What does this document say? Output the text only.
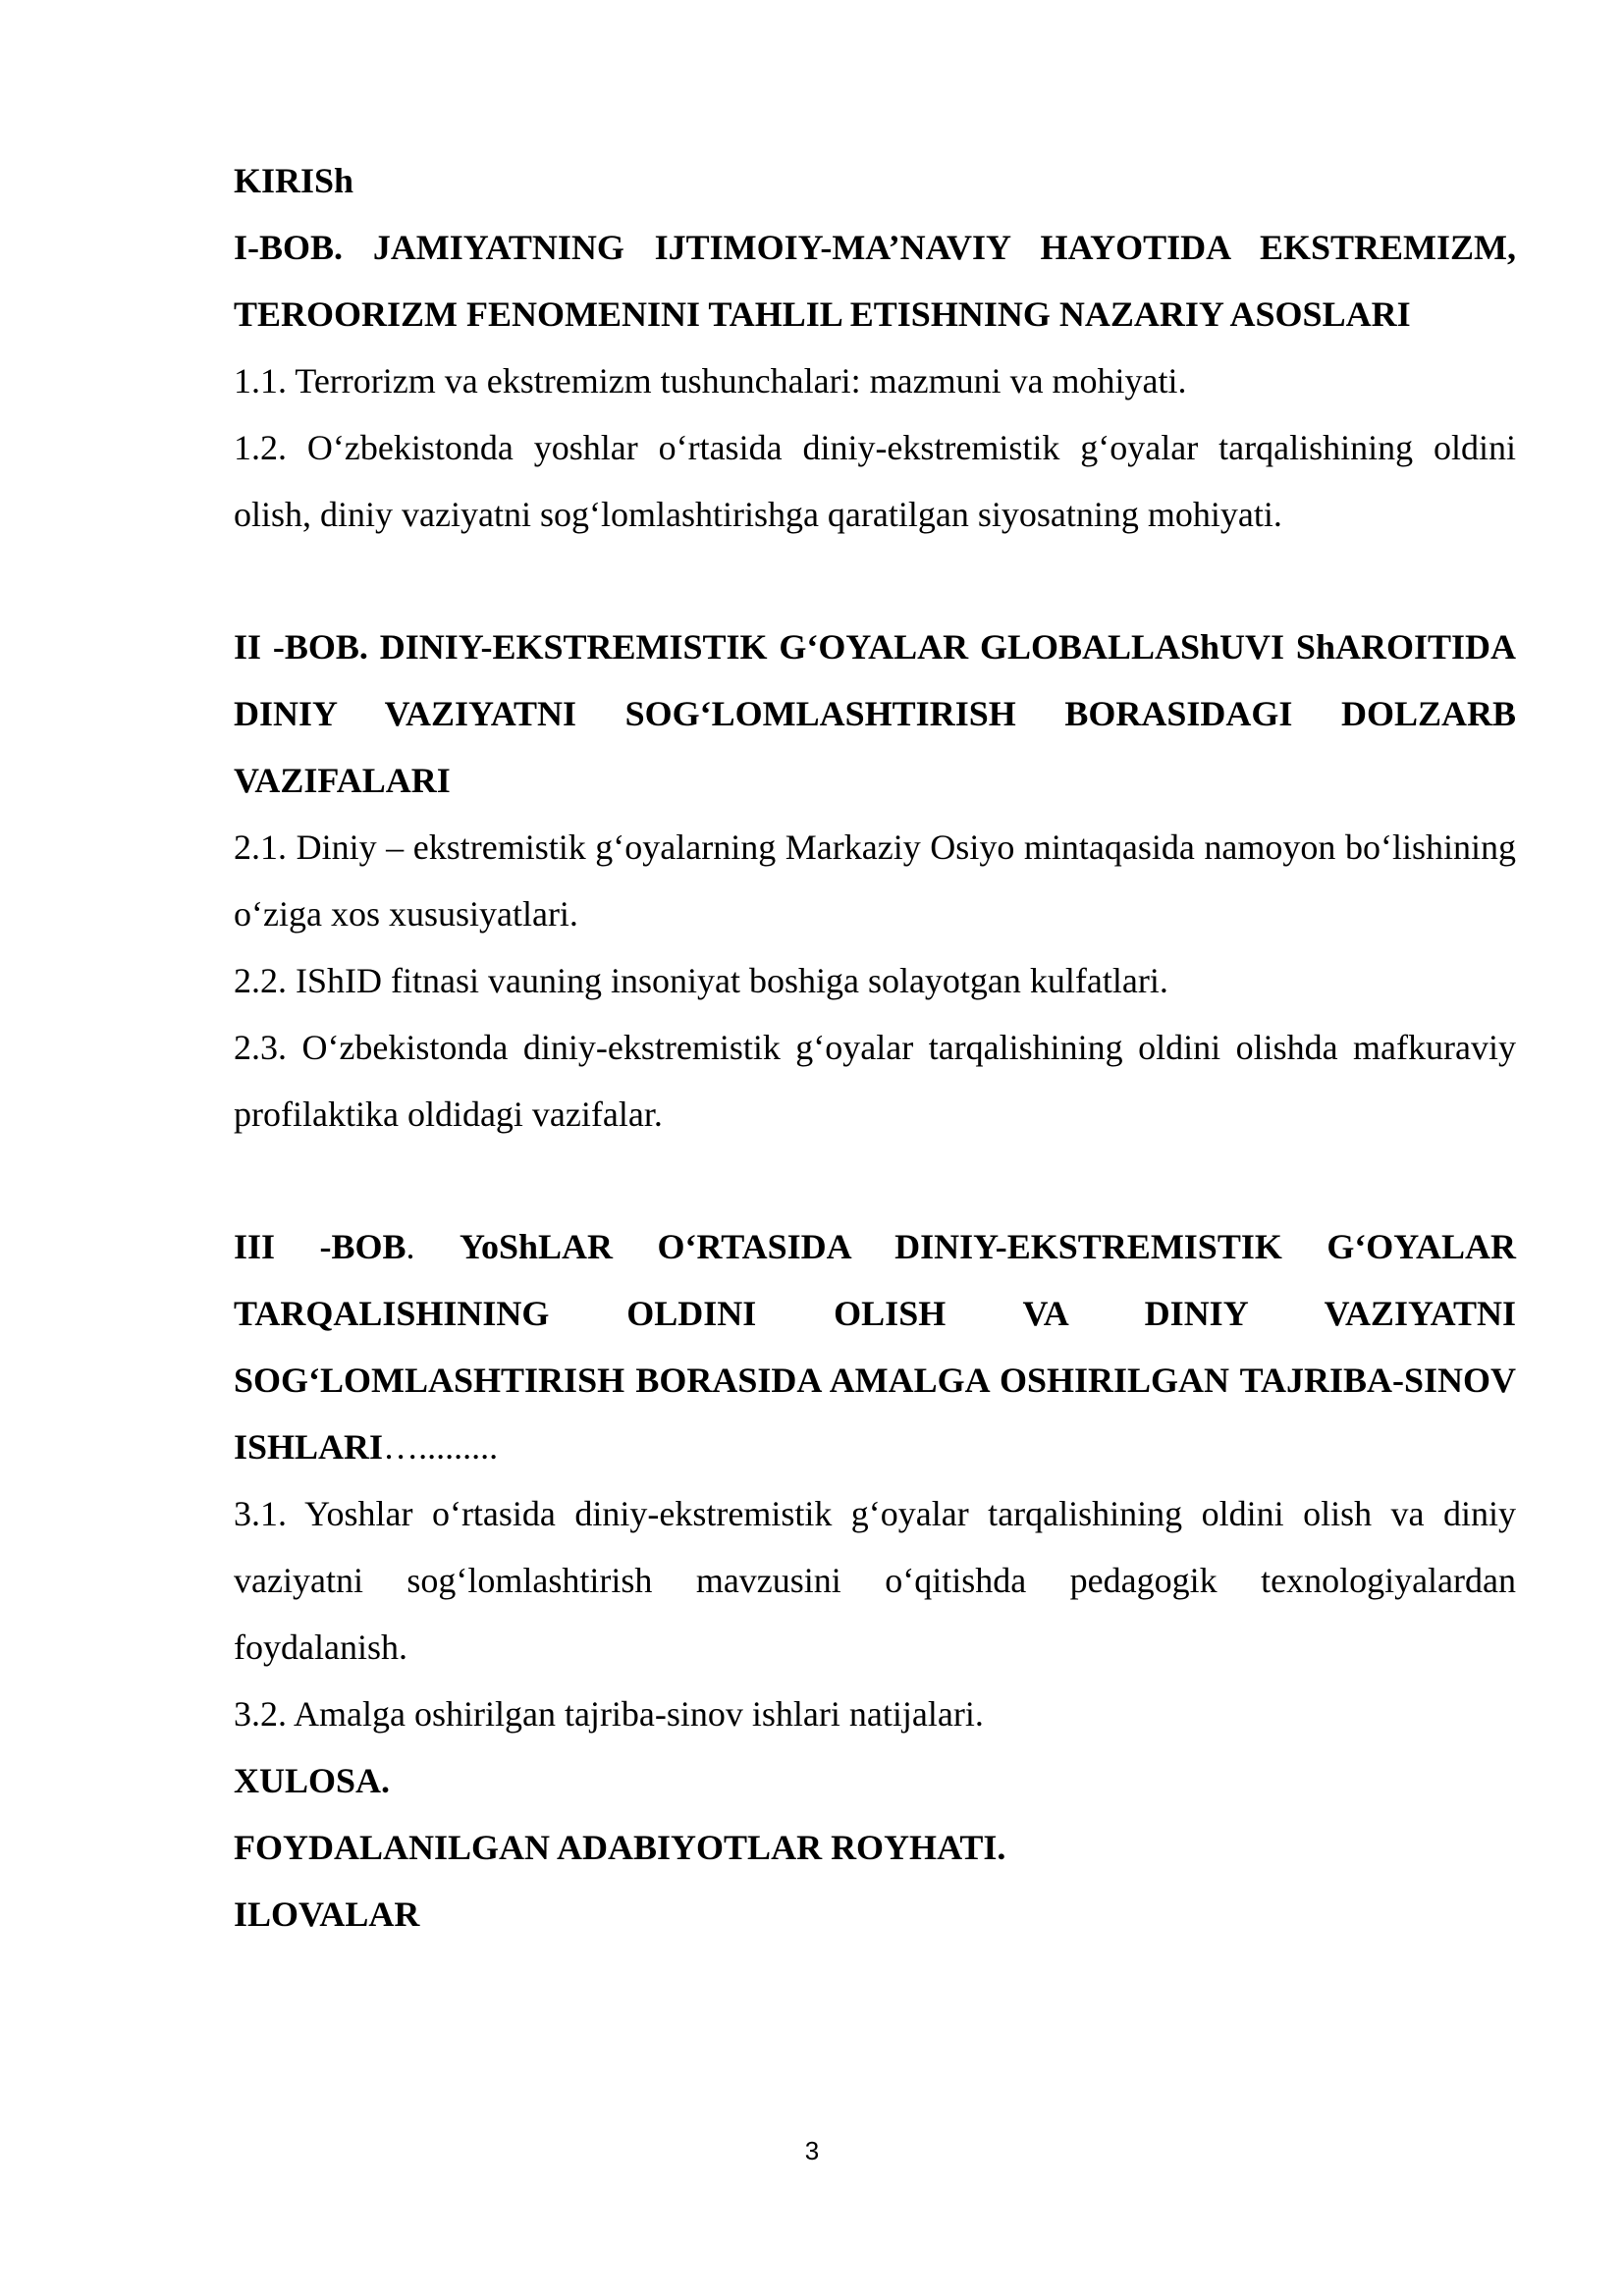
KIRISh
I-BOB. JAMIYATNING IJTIMOIY-MA’NAVIY HAYOTIDA EKSTREMIZM, TEROORIZM FENOMENINI TAHLIL ETISHNING NAZARIY ASOSLARI
1.1. Terrorizm va ekstremizm tushunchalari: mazmuni va mohiyati.
1.2. O‘zbekistonda yoshlar o‘rtasida diniy-ekstremistik g‘oyalar tarqalishining oldini olish, diniy vaziyatni sog‘lomlashtirishga qaratilgan siyosatning mohiyati.
II -BOB. DINIY-EKSTREMISTIK G‘OYALAR GLOBALLAShUVI ShAROITIDA DINIY VAZIYATNI SOG‘LOMLASHTIRISH BORASIDAGI DOLZARB VAZIFALARI
2.1. Diniy – ekstremistik g‘oyalarning Markaziy Osiyo mintaqasida namoyon bo‘lishining o‘ziga xos xususiyatlari.
2.2. IShID fitnasi vauning insoniyat boshiga solayotgan kulfatlari.
2.3. O‘zbekistonda diniy-ekstremistik g‘oyalar tarqalishining oldini olishda mafkuraviy profilaktika oldidagi vazifalar.
III -BOB. YoShLAR O‘RTASIDA DINIY-EKSTREMISTIK G‘OYALAR TARQALISHINING OLDINI OLISH VA DINIY VAZIYATNI SOG‘LOMLASHTIRISH BORASIDA AMALGA OSHIRILGAN TAJRIBA-SINOV ISHLARI….........
3.1. Yoshlar o‘rtasida diniy-ekstremistik g‘oyalar tarqalishining oldini olish va diniy vaziyatni sog‘lomlashtirish mavzusini o‘qitishda pedagogik texnologiyalardan foydalanish.
3.2. Amalga oshirilgan tajriba-sinov ishlari natijalari.
XULOSA.
FOYDALANILGAN ADABIYOTLAR ROYHATI.
ILOVALAR
3
